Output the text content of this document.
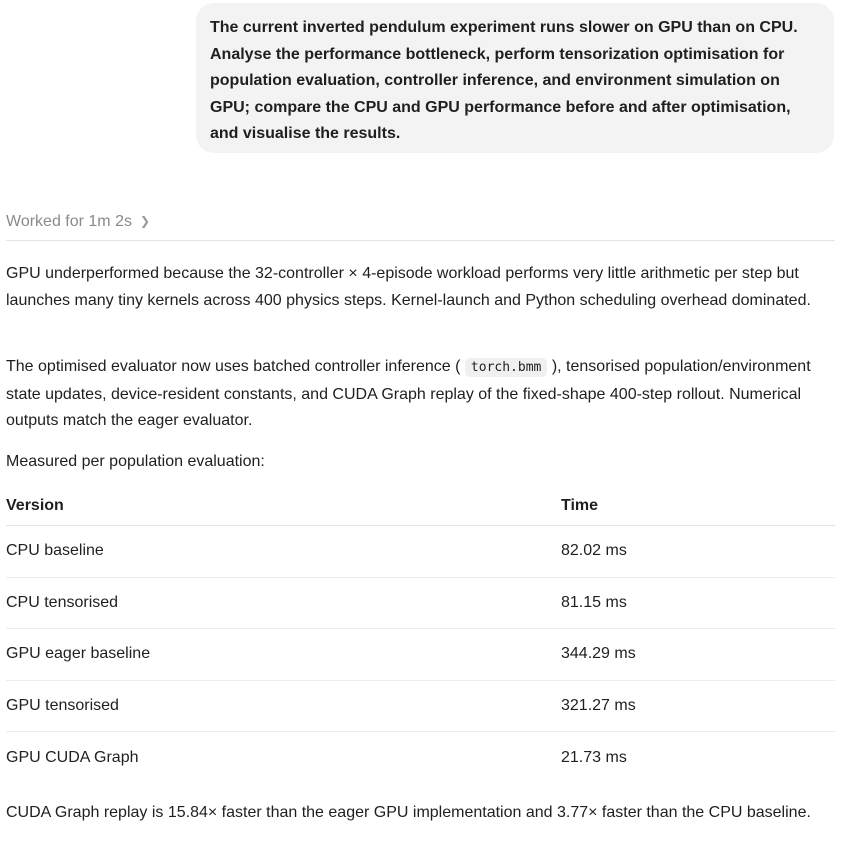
The current inverted pendulum experiment runs slower on GPU than on CPU. Analyse the performance bottleneck, perform tensorization optimisation for population evaluation, controller inference, and environment simulation on GPU; compare the CPU and GPU performance before and after optimisation, and visualise the results.
Worked for 1m 2s ❯
GPU underperformed because the 32-controller × 4-episode workload performs very little arithmetic per step but launches many tiny kernels across 400 physics steps. Kernel-launch and Python scheduling overhead dominated.
The optimised evaluator now uses batched controller inference ( torch.bmm ), tensorised population/environment state updates, device-resident constants, and CUDA Graph replay of the fixed-shape 400-step rollout. Numerical outputs match the eager evaluator.
Measured per population evaluation:
Version	Time
CPU baseline	82.02 ms
CPU tensorised	81.15 ms
GPU eager baseline	344.29 ms
GPU tensorised	321.27 ms
GPU CUDA Graph	21.73 ms
CUDA Graph replay is 15.84× faster than the eager GPU implementation and 3.77× faster than the CPU baseline.
